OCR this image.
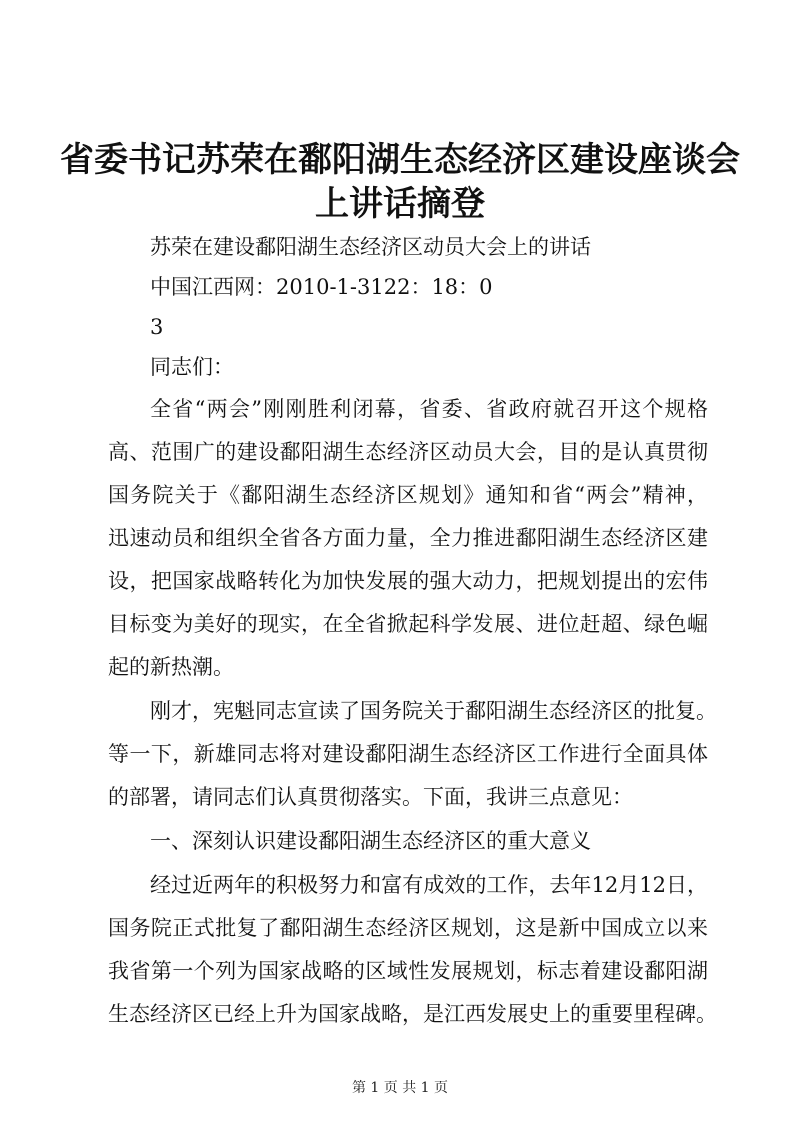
省委书记苏荣在鄱阳湖生态经济区建设座谈会
上讲话摘登
苏荣在建设鄱阳湖生态经济区动员大会上的讲话
中国江西网：2010-1-3122：18：0
3
同志们：
全省“两会”刚刚胜利闭幕，省委、省政府就召开这个规格
高、范围广的建设鄱阳湖生态经济区动员大会，目的是认真贯彻
国务院关于《鄱阳湖生态经济区规划》通知和省“两会”精神，
迅速动员和组织全省各方面力量，全力推进鄱阳湖生态经济区建
设，把国家战略转化为加快发展的强大动力，把规划提出的宏伟
目标变为美好的现实，在全省掀起科学发展、进位赶超、绿色崛
起的新热潮。
刚才，宪魁同志宣读了国务院关于鄱阳湖生态经济区的批复。
等一下，新雄同志将对建设鄱阳湖生态经济区工作进行全面具体
的部署，请同志们认真贯彻落实。下面，我讲三点意见：
一、深刻认识建设鄱阳湖生态经济区的重大意义
经过近两年的积极努力和富有成效的工作，去年12月12日，
国务院正式批复了鄱阳湖生态经济区规划，这是新中国成立以来
我省第一个列为国家战略的区域性发展规划，标志着建设鄱阳湖
生态经济区已经上升为国家战略，是江西发展史上的重要里程碑。
第 1 页 共 1 页
